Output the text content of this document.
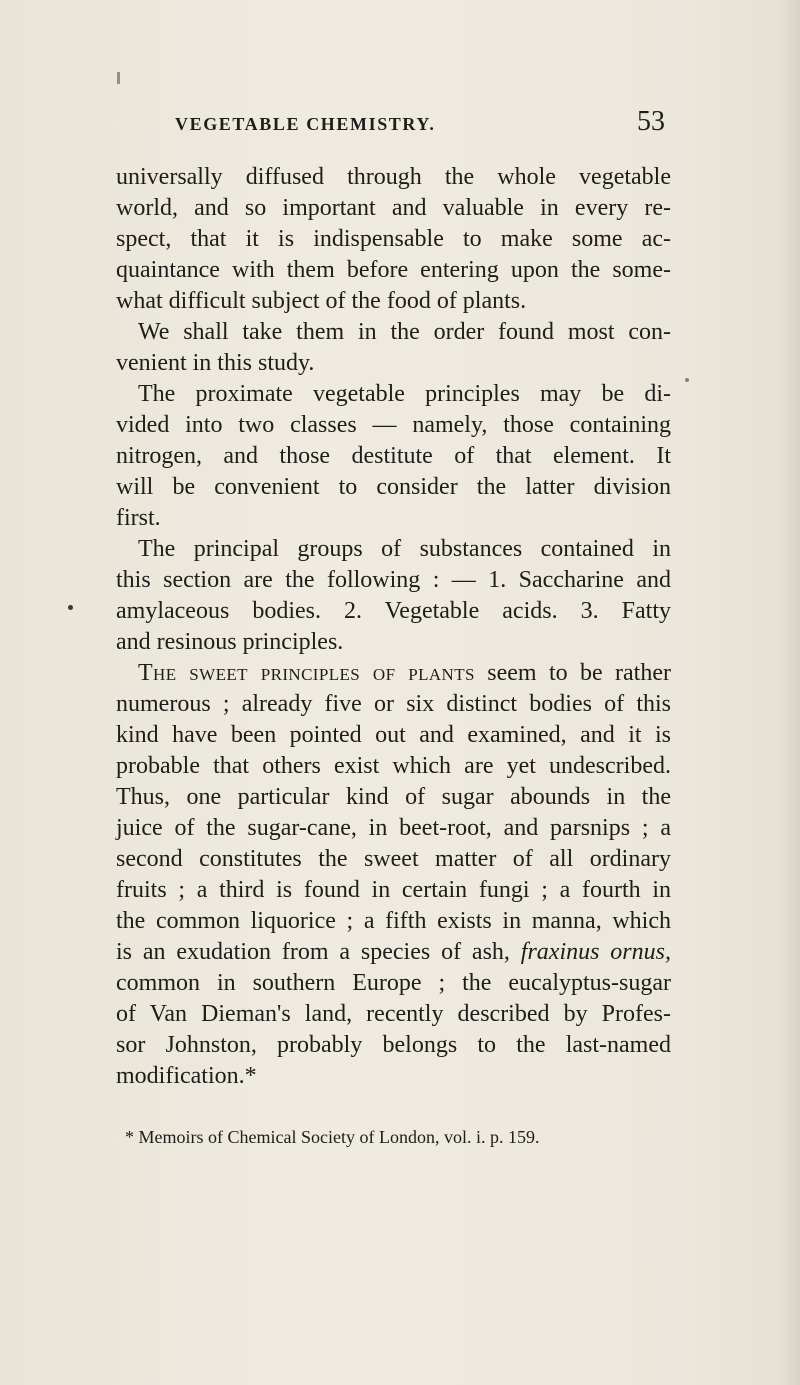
VEGETABLE CHEMISTRY.	53
universally diffused through the whole vegetable
world, and so important and valuable in every re-
spect, that it is indispensable to make some ac-
quaintance with them before entering upon the some-
what difficult subject of the food of plants.
We shall take them in the order found most con-
venient in this study.
The proximate vegetable principles may be di-
vided into two classes — namely, those containing
nitrogen, and those destitute of that element. It
will be convenient to consider the latter division
first.
The principal groups of substances contained in
this section are the following : — 1. Saccharine and
amylaceous bodies. 2. Vegetable acids. 3. Fatty
and resinous principles.
The sweet principles of plants seem to be rather
numerous ; already five or six distinct bodies of this
kind have been pointed out and examined, and it is
probable that others exist which are yet undescribed.
Thus, one particular kind of sugar abounds in the
juice of the sugar-cane, in beet-root, and parsnips ; a
second constitutes the sweet matter of all ordinary
fruits ; a third is found in certain fungi ; a fourth in
the common liquorice ; a fifth exists in manna, which
is an exudation from a species of ash, fraxinus ornus,
common in southern Europe ; the eucalyptus-sugar
of Van Dieman's land, recently described by Profes-
sor Johnston, probably belongs to the last-named
modification.*
* Memoirs of Chemical Society of London, vol. i. p. 159.
